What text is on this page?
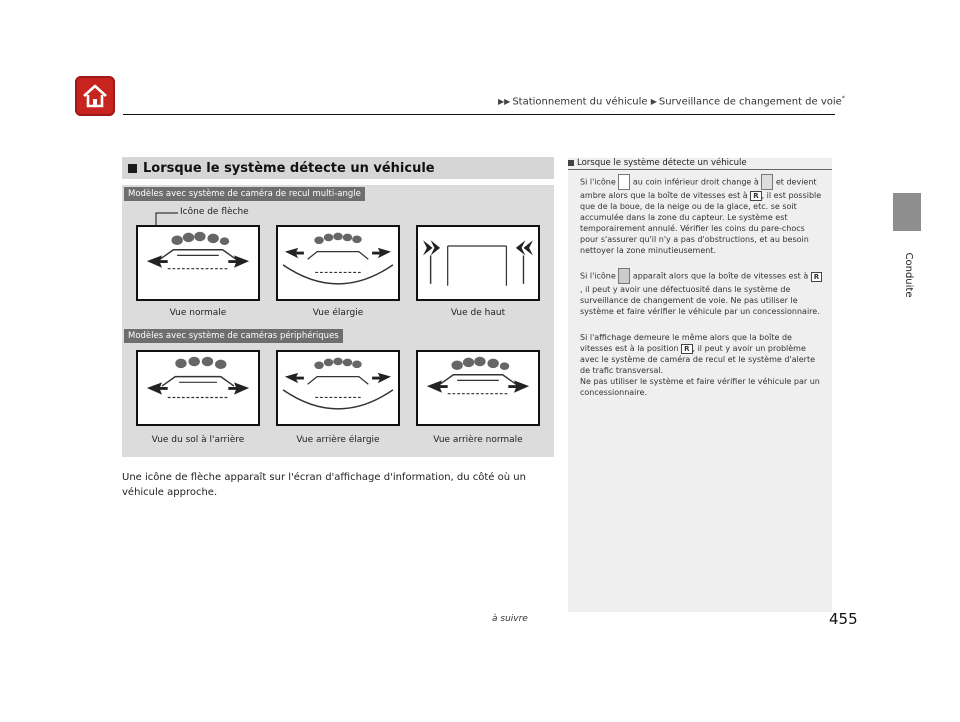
▶▶ Stationnement du véhicule ▶ Surveillance de changement de voie*
Conduite
Lorsque le système détecte un véhicule
Modèles avec système de caméra de recul multi-angle
Icône de flèche
Vue normale	Vue élargie	Vue de haut
Modèles avec système de caméras périphériques
Vue du sol à l'arrière	Vue arrière élargie	Vue arrière normale
Une icône de flèche apparaît sur l'écran d'affichage d'information, du côté où un véhicule approche.
Lorsque le système détecte un véhicule
Si l'icône au coin inférieur droit change à et devient ambre alors que la boîte de vitesses est à R , il est possible que de la boue, de la neige ou de la glace, etc. se soit accumulée dans la zone du capteur. Le système est temporairement annulé. Vérifier les coins du pare-chocs pour s'assurer qu'il n'y a pas d'obstructions, et au besoin nettoyer la zone minutieusement.
Si l'icône apparaît alors que la boîte de vitesses est à R, il peut y avoir une défectuosité dans le système de surveillance de changement de voie. Ne pas utiliser le système et faire vérifier le véhicule par un concessionnaire.
Si l'affichage demeure le même alors que la boîte de vitesses est à la position R , il peut y avoir un problème avec le système de caméra de recul et le système d'alerte de trafic transversal.
Ne pas utiliser le système et faire vérifier le véhicule par un concessionnaire.
à suivre	455
